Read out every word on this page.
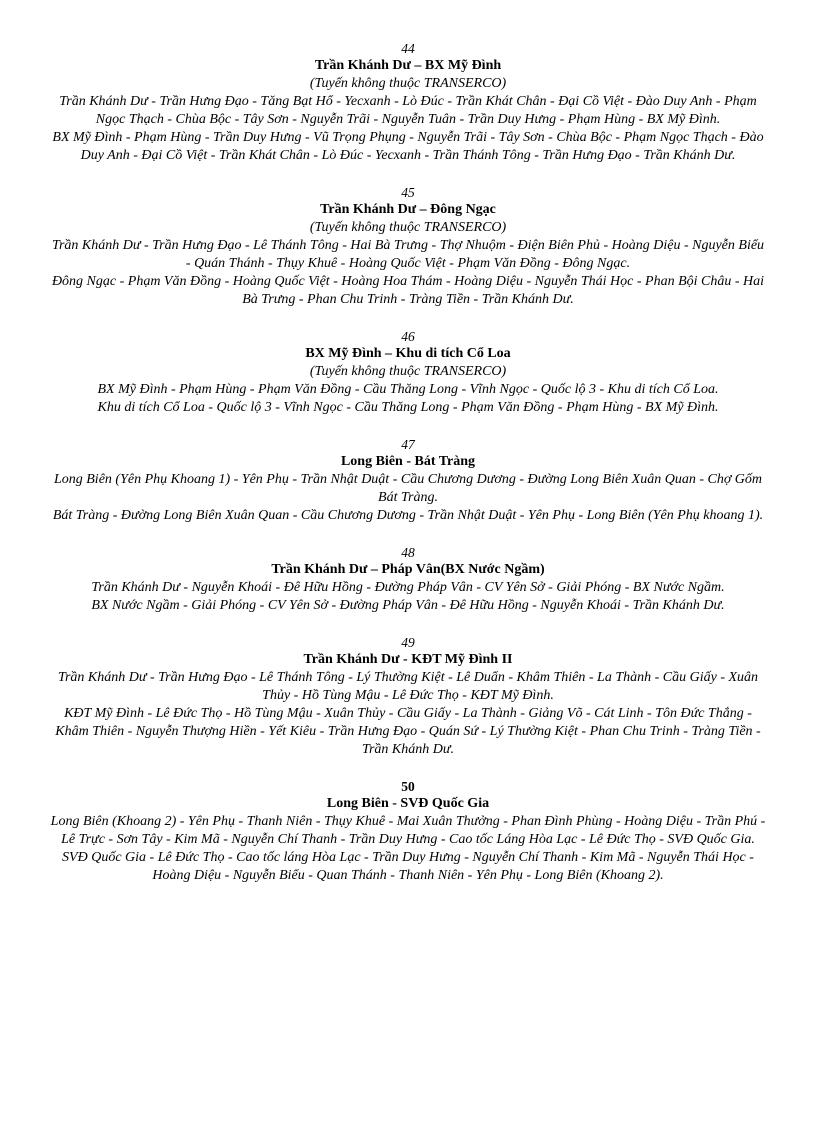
44
Trần Khánh Dư – BX Mỹ Đình
(Tuyến không thuộc TRANSERCO)
Trần Khánh Dư - Trần Hưng Đạo - Tăng Bạt Hổ - Yecxanh - Lò Đúc - Trần Khát Chân - Đại Cồ Việt - Đào Duy Anh - Phạm Ngọc Thạch - Chùa Bộc - Tây Sơn - Nguyễn Trãi - Nguyễn Tuân - Trần Duy Hưng - Phạm Hùng - BX Mỹ Đình.
BX Mỹ Đình - Phạm Hùng - Trần Duy Hưng - Vũ Trọng Phụng - Nguyễn Trãi - Tây Sơn - Chùa Bộc - Phạm Ngọc Thạch - Đào Duy Anh - Đại Cồ Việt - Trần Khát Chân - Lò Đúc - Yecxanh - Trần Thánh Tông - Trần Hưng Đạo - Trần Khánh Dư.
45
Trần Khánh Dư – Đông Ngạc
(Tuyến không thuộc TRANSERCO)
Trần Khánh Dư - Trần Hưng Đạo - Lê Thánh Tông - Hai Bà Trưng - Thợ Nhuộm - Điện Biên Phủ - Hoàng Diệu - Nguyễn Biểu - Quán Thánh - Thụy Khuê - Hoàng Quốc Việt - Phạm Văn Đồng - Đông Ngạc.
Đông Ngạc - Phạm Văn Đồng - Hoàng Quốc Việt - Hoàng Hoa Thám - Hoàng Diệu - Nguyễn Thái Học - Phan Bội Châu - Hai Bà Trưng - Phan Chu Trinh - Tràng Tiền - Trần Khánh Dư.
46
BX Mỹ Đình – Khu di tích Cổ Loa
(Tuyến không thuộc TRANSERCO)
BX Mỹ Đình - Phạm Hùng - Phạm Văn Đồng - Cầu Thăng Long - Vĩnh Ngọc - Quốc lộ 3 - Khu di tích Cổ Loa.
Khu di tích Cổ Loa - Quốc lộ 3 - Vĩnh Ngọc - Cầu Thăng Long - Phạm Văn Đồng - Phạm Hùng - BX Mỹ Đình.
47
Long Biên - Bát Tràng
Long Biên (Yên Phụ Khoang 1) - Yên Phụ - Trần Nhật Duật - Cầu Chương Dương - Đường Long Biên Xuân Quan - Chợ Gốm Bát Tràng.
Bát Tràng - Đường Long Biên Xuân Quan - Cầu Chương Dương - Trần Nhật Duật - Yên Phụ - Long Biên (Yên Phụ khoang 1).
48
Trần Khánh Dư – Pháp Vân(BX Nước Ngầm)
Trần Khánh Dư - Nguyễn Khoái - Đê Hữu Hồng - Đường Pháp Vân - CV Yên Sở - Giải Phóng - BX Nước Ngầm.
BX Nước Ngầm - Giải Phóng - CV Yên Sở - Đường Pháp Vân - Đê Hữu Hồng - Nguyễn Khoái - Trần Khánh Dư.
49
Trần Khánh Dư - KĐT Mỹ Đình II
Trần Khánh Dư - Trần Hưng Đạo - Lê Thánh Tông - Lý Thường Kiệt - Lê Duẩn - Khâm Thiên - La Thành - Cầu Giấy - Xuân Thủy - Hồ Tùng Mậu - Lê Đức Thọ - KĐT Mỹ Đình.
KĐT Mỹ Đình - Lê Đức Thọ - Hồ Tùng Mậu - Xuân Thủy - Cầu Giấy - La Thành - Giảng Võ - Cát Linh - Tôn Đức Thắng - Khâm Thiên - Nguyễn Thượng Hiền - Yết Kiêu - Trần Hưng Đạo - Quán Sứ - Lý Thường Kiệt - Phan Chu Trinh - Tràng Tiền - Trần Khánh Dư.
50
Long Biên - SVĐ Quốc Gia
Long Biên (Khoang 2) - Yên Phụ - Thanh Niên - Thụy Khuê - Mai Xuân Thưởng - Phan Đình Phùng - Hoàng Diệu - Trần Phú - Lê Trực - Sơn Tây - Kim Mã - Nguyễn Chí Thanh - Trần Duy Hưng - Cao tốc Láng Hòa Lạc - Lê Đức Thọ - SVĐ Quốc Gia.
SVĐ Quốc Gia - Lê Đức Thọ - Cao tốc láng Hòa Lạc - Trần Duy Hưng - Nguyễn Chí Thanh - Kim Mã - Nguyễn Thái Học - Hoàng Diệu - Nguyễn Biểu - Quan Thánh - Thanh Niên - Yên Phụ - Long Biên (Khoang 2).
